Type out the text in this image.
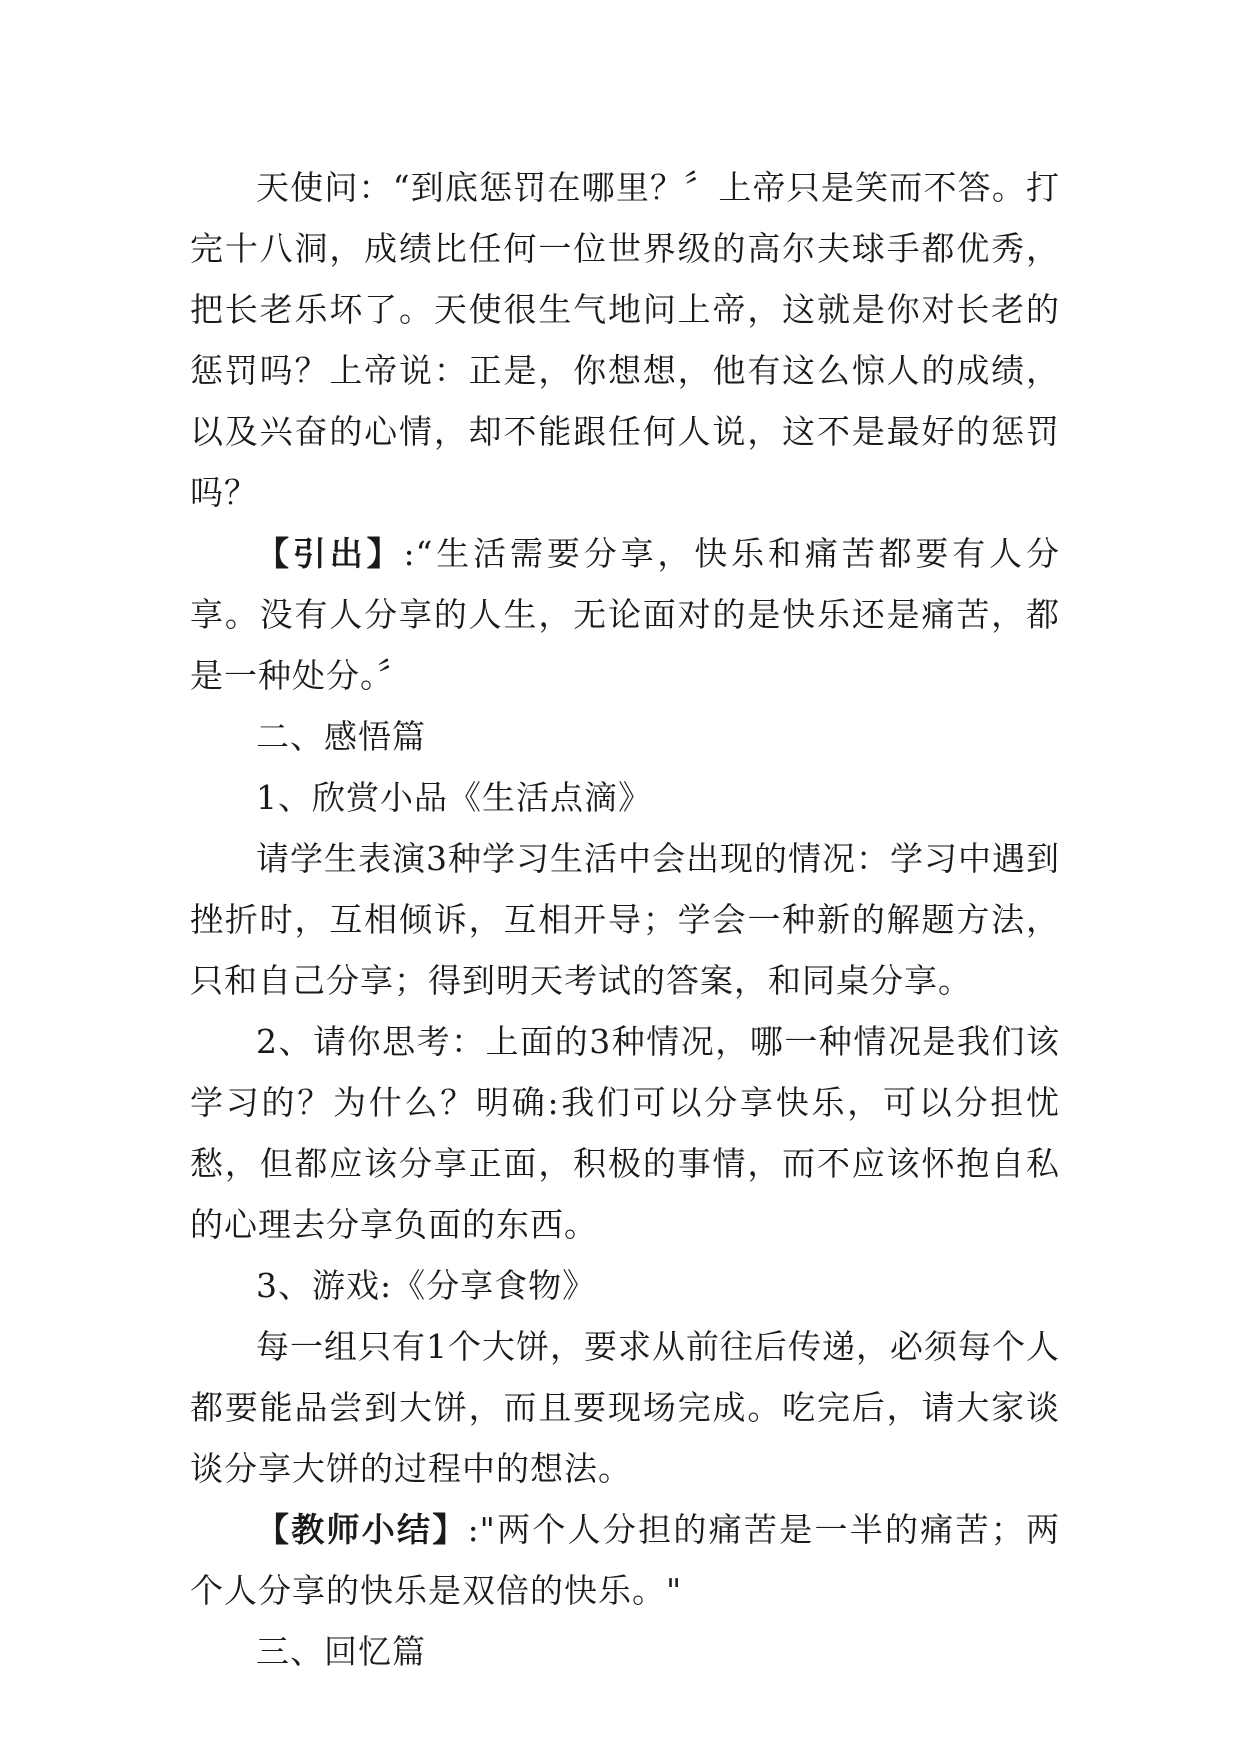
天使问：“到底惩罚在哪里？〞上帝只是笑而不答。打完十八洞，成绩比任何一位世界级的高尔夫球手都优秀，把长老乐坏了。天使很生气地问上帝，这就是你对长老的惩罚吗？上帝说：正是，你想想，他有这么惊人的成绩，以及兴奋的心情，却不能跟任何人说，这不是最好的惩罚吗？

【引出】:“生活需要分享，快乐和痛苦都要有人分享。没有人分享的人生，无论面对的是快乐还是痛苦，都是一种处分。〞

二、感悟篇

1、欣赏小品《生活点滴》

请学生表演3种学习生活中会出现的情况：学习中遇到挫折时，互相倾诉，互相开导；学会一种新的解题方法，只和自己分享；得到明天考试的答案，和同桌分享。

2、请你思考：上面的3种情况，哪一种情况是我们该学习的？为什么？明确:我们可以分享快乐，可以分担忧愁，但都应该分享正面，积极的事情，而不应该怀抱自私的心理去分享负面的东西。

3、游戏:《分享食物》

每一组只有1个大饼，要求从前往后传递，必须每个人都要能品尝到大饼，而且要现场完成。吃完后，请大家谈谈分享大饼的过程中的想法。

【教师小结】:"两个人分担的痛苦是一半的痛苦；两个人分享的快乐是双倍的快乐。"

三、回忆篇
